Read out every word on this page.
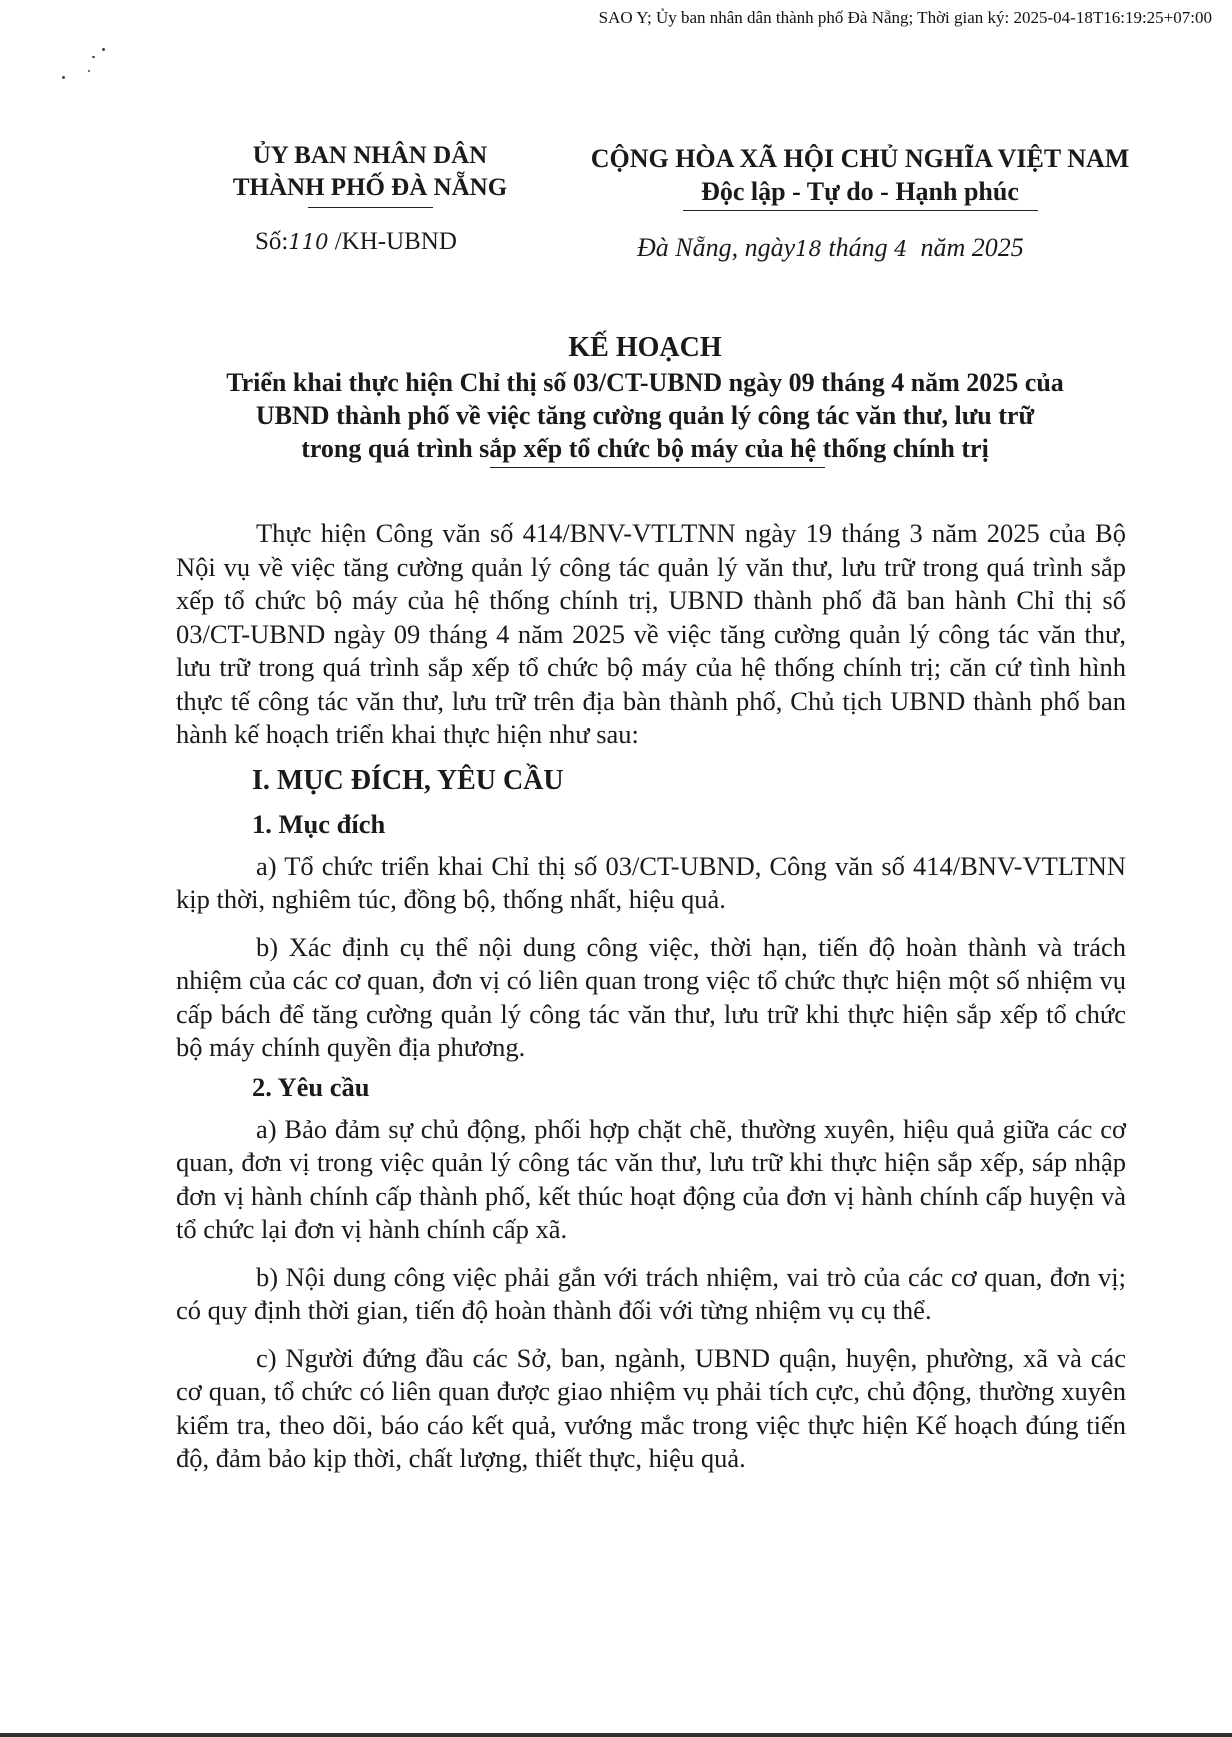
SAO Y; Ủy ban nhân dân thành phố Đà Nẵng; Thời gian ký: 2025-04-18T16:19:25+07:00
ỦY BAN NHÂN DÂN
THÀNH PHỐ ĐÀ NẴNG
CỘNG HÒA XÃ HỘI CHỦ NGHĨA VIỆT NAM
Độc lập - Tự do - Hạnh phúc
Số:110 /KH-UBND	Đà Nẵng, ngày18 tháng 4 năm 2025
KẾ HOẠCH
Triển khai thực hiện Chỉ thị số 03/CT-UBND ngày 09 tháng 4 năm 2025 của
UBND thành phố về việc tăng cường quản lý công tác văn thư, lưu trữ
trong quá trình sắp xếp tổ chức bộ máy của hệ thống chính trị

Thực hiện Công văn số 414/BNV-VTLTNN ngày 19 tháng 3 năm 2025 của Bộ Nội vụ về việc tăng cường quản lý công tác quản lý văn thư, lưu trữ trong quá trình sắp xếp tổ chức bộ máy của hệ thống chính trị, UBND thành phố đã ban hành Chỉ thị số 03/CT-UBND ngày 09 tháng 4 năm 2025 về việc tăng cường quản lý công tác văn thư, lưu trữ trong quá trình sắp xếp tổ chức bộ máy của hệ thống chính trị; căn cứ tình hình thực tế công tác văn thư, lưu trữ trên địa bàn thành phố, Chủ tịch UBND thành phố ban hành kế hoạch triển khai thực hiện như sau:

I. MỤC ĐÍCH, YÊU CẦU
1. Mục đích

a) Tổ chức triển khai Chỉ thị số 03/CT-UBND, Công văn số 414/BNV-VTLTNN kịp thời, nghiêm túc, đồng bộ, thống nhất, hiệu quả.

b) Xác định cụ thể nội dung công việc, thời hạn, tiến độ hoàn thành và trách nhiệm của các cơ quan, đơn vị có liên quan trong việc tổ chức thực hiện một số nhiệm vụ cấp bách để tăng cường quản lý công tác văn thư, lưu trữ khi thực hiện sắp xếp tổ chức bộ máy chính quyền địa phương.

2. Yêu cầu

a) Bảo đảm sự chủ động, phối hợp chặt chẽ, thường xuyên, hiệu quả giữa các cơ quan, đơn vị trong việc quản lý công tác văn thư, lưu trữ khi thực hiện sắp xếp, sáp nhập đơn vị hành chính cấp thành phố, kết thúc hoạt động của đơn vị hành chính cấp huyện và tổ chức lại đơn vị hành chính cấp xã.

b) Nội dung công việc phải gắn với trách nhiệm, vai trò của các cơ quan, đơn vị; có quy định thời gian, tiến độ hoàn thành đối với từng nhiệm vụ cụ thể.

c) Người đứng đầu các Sở, ban, ngành, UBND quận, huyện, phường, xã và các cơ quan, tổ chức có liên quan được giao nhiệm vụ phải tích cực, chủ động, thường xuyên kiểm tra, theo dõi, báo cáo kết quả, vướng mắc trong việc thực hiện Kế hoạch đúng tiến độ, đảm bảo kịp thời, chất lượng, thiết thực, hiệu quả.
